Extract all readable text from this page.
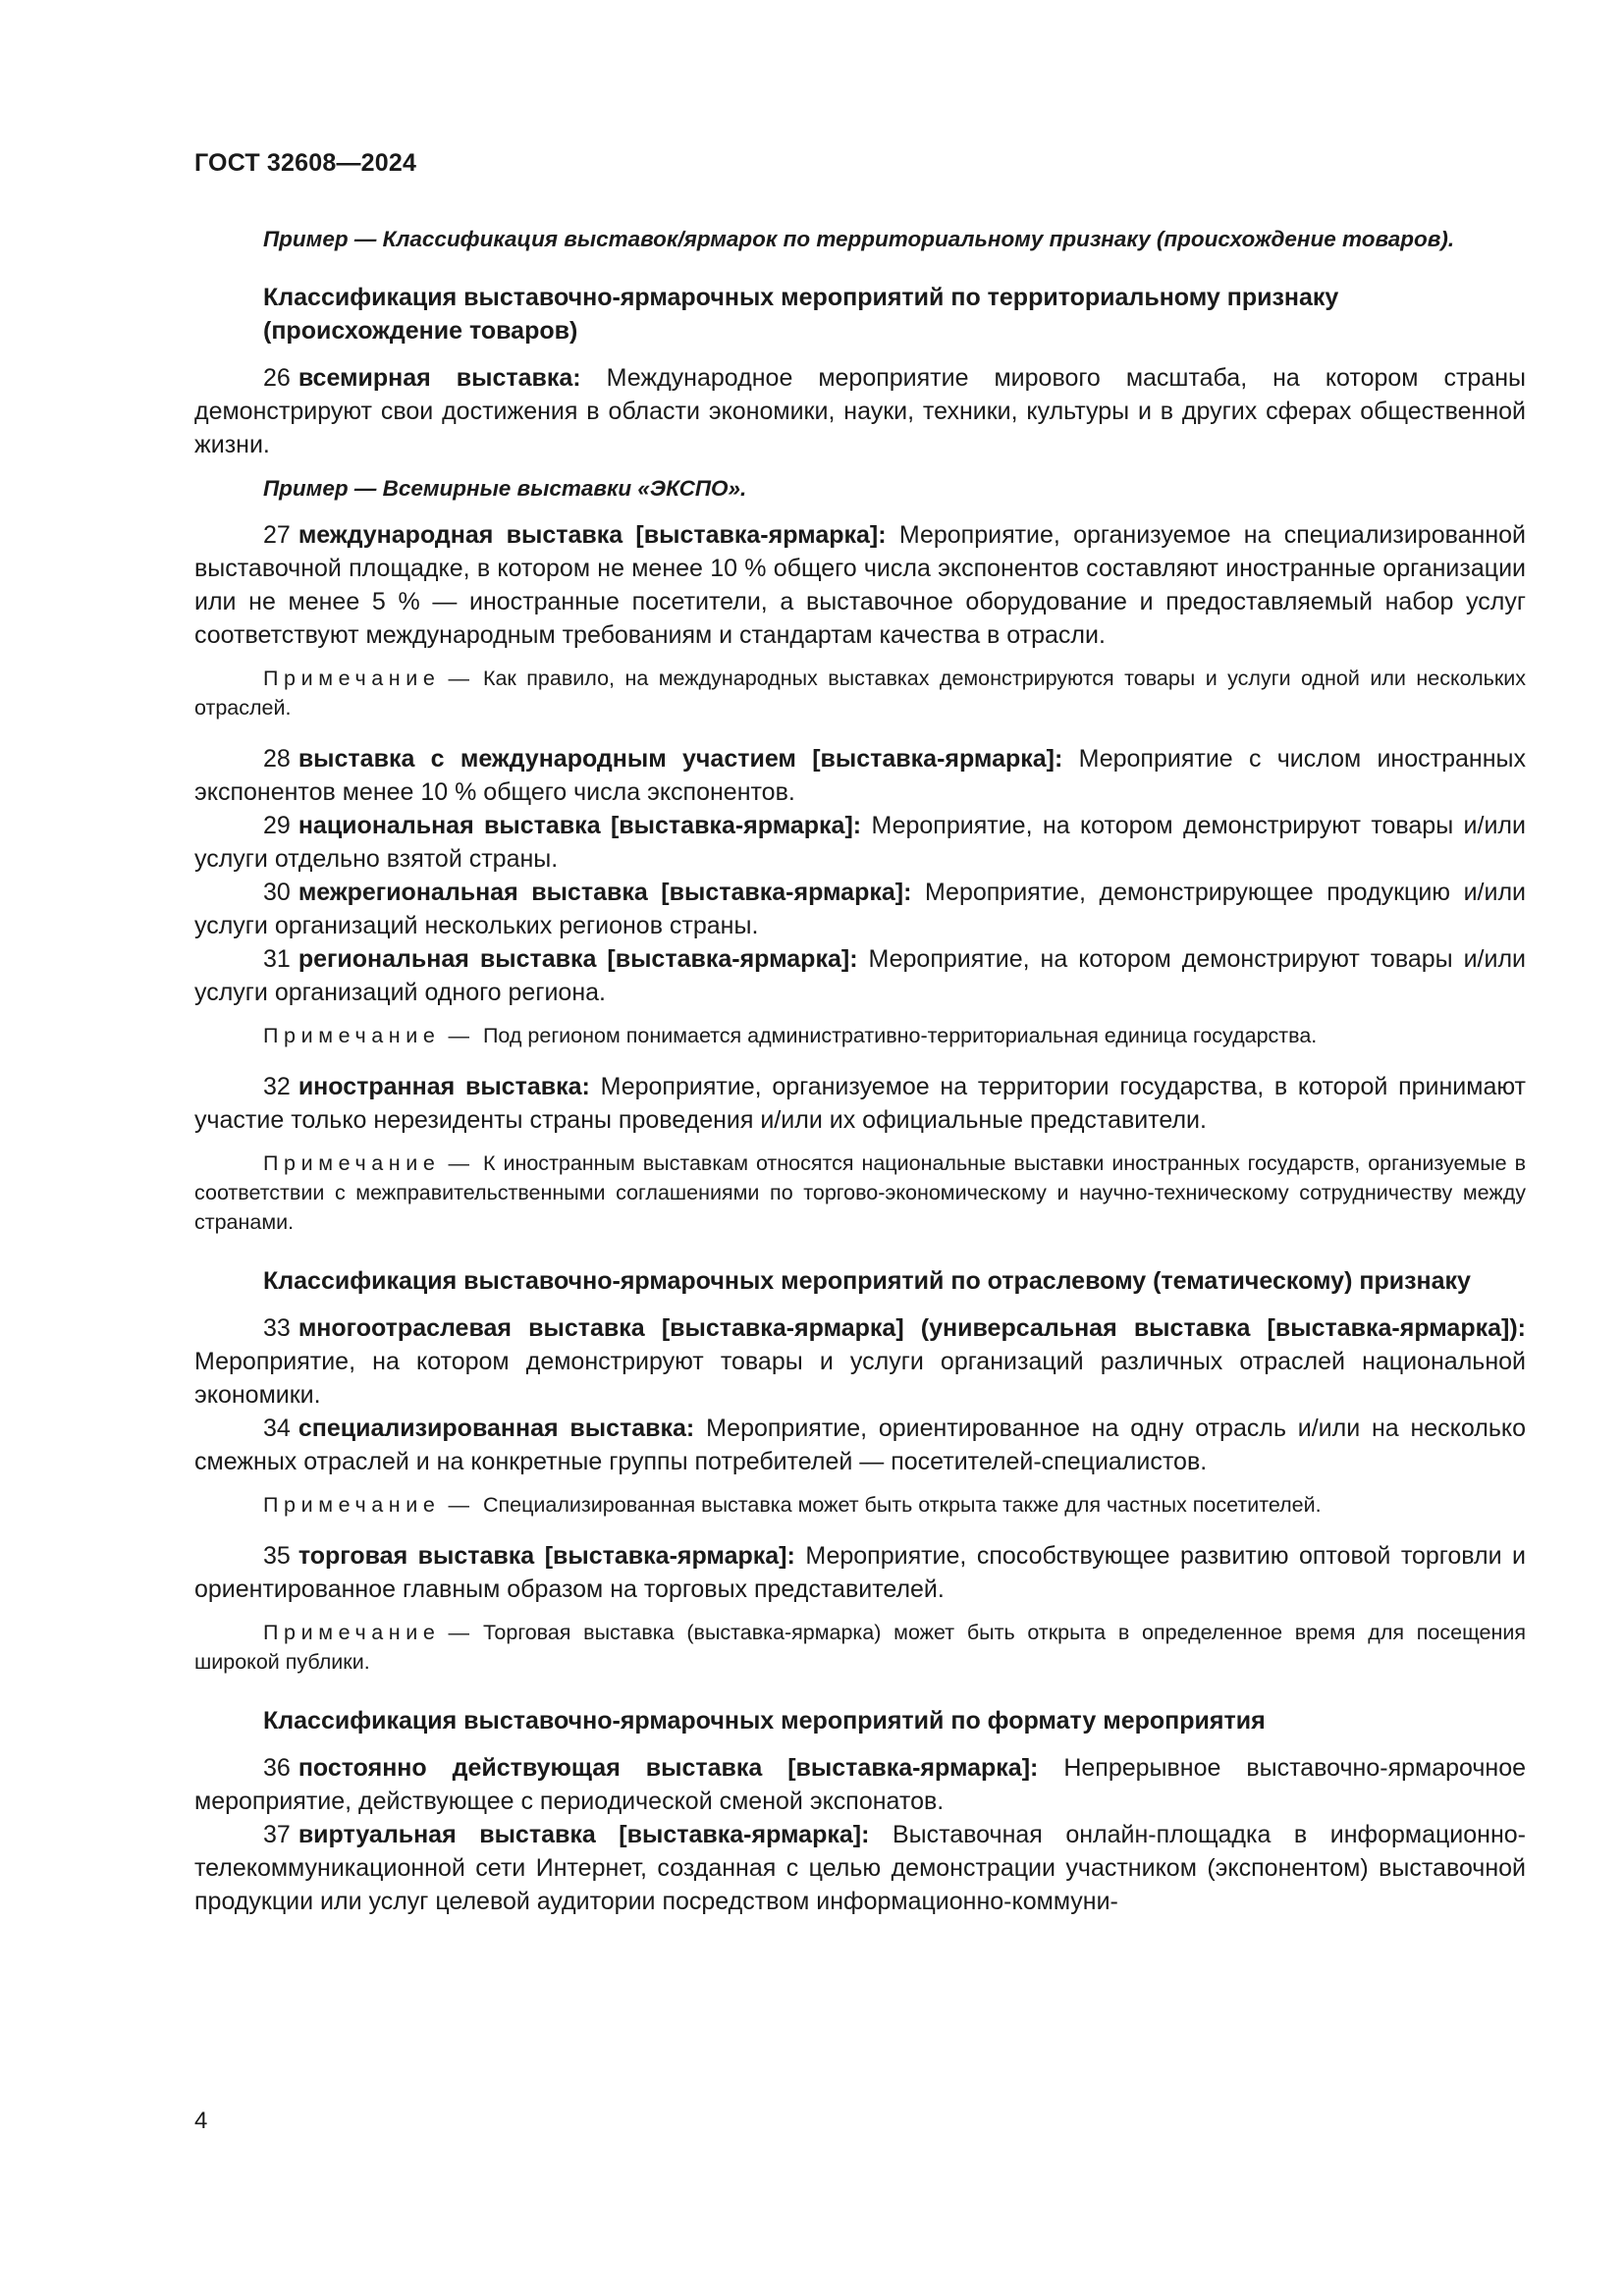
ГОСТ 32608—2024
Пример — Классификация выставок/ярмарок по территориальному признаку (происхождение товаров).
Классификация выставочно-ярмарочных мероприятий по территориальному признаку (происхождение товаров)
26 всемирная выставка: Международное мероприятие мирового масштаба, на котором страны демонстрируют свои достижения в области экономики, науки, техники, культуры и в других сферах общественной жизни.
Пример — Всемирные выставки «ЭКСПО».
27 международная выставка [выставка-ярмарка]: Мероприятие, организуемое на специализированной выставочной площадке, в котором не менее 10 % общего числа экспонентов составляют иностранные организации или не менее 5 % — иностранные посетители, а выставочное оборудование и предоставляемый набор услуг соответствуют международным требованиям и стандартам качества в отрасли.
Примечание — Как правило, на международных выставках демонстрируются товары и услуги одной или нескольких отраслей.
28 выставка с международным участием [выставка-ярмарка]: Мероприятие с числом иностранных экспонентов менее 10 % общего числа экспонентов.
29 национальная выставка [выставка-ярмарка]: Мероприятие, на котором демонстрируют товары и/или услуги отдельно взятой страны.
30 межрегиональная выставка [выставка-ярмарка]: Мероприятие, демонстрирующее продукцию и/или услуги организаций нескольких регионов страны.
31 региональная выставка [выставка-ярмарка]: Мероприятие, на котором демонстрируют товары и/или услуги организаций одного региона.
Примечание — Под регионом понимается административно-территориальная единица государства.
32 иностранная выставка: Мероприятие, организуемое на территории государства, в которой принимают участие только нерезиденты страны проведения и/или их официальные представители.
Примечание — К иностранным выставкам относятся национальные выставки иностранных государств, организуемые в соответствии с межправительственными соглашениями по торгово-экономическому и научно-техническому сотрудничеству между странами.
Классификация выставочно-ярмарочных мероприятий по отраслевому (тематическому) признаку
33 многоотраслевая выставка [выставка-ярмарка] (универсальная выставка [выставка-ярмарка]): Мероприятие, на котором демонстрируют товары и услуги организаций различных отраслей национальной экономики.
34 специализированная выставка: Мероприятие, ориентированное на одну отрасль и/или на несколько смежных отраслей и на конкретные группы потребителей — посетителей-специалистов.
Примечание — Специализированная выставка может быть открыта также для частных посетителей.
35 торговая выставка [выставка-ярмарка]: Мероприятие, способствующее развитию оптовой торговли и ориентированное главным образом на торговых представителей.
Примечание — Торговая выставка (выставка-ярмарка) может быть открыта в определенное время для посещения широкой публики.
Классификация выставочно-ярмарочных мероприятий по формату мероприятия
36 постоянно действующая выставка [выставка-ярмарка]: Непрерывное выставочно-ярмарочное мероприятие, действующее с периодической сменой экспонатов.
37 виртуальная выставка [выставка-ярмарка]: Выставочная онлайн-площадка в информационно-телекоммуникационной сети Интернет, созданная с целью демонстрации участником (экспонентом) выставочной продукции или услуг целевой аудитории посредством информационно-коммуни-
4
